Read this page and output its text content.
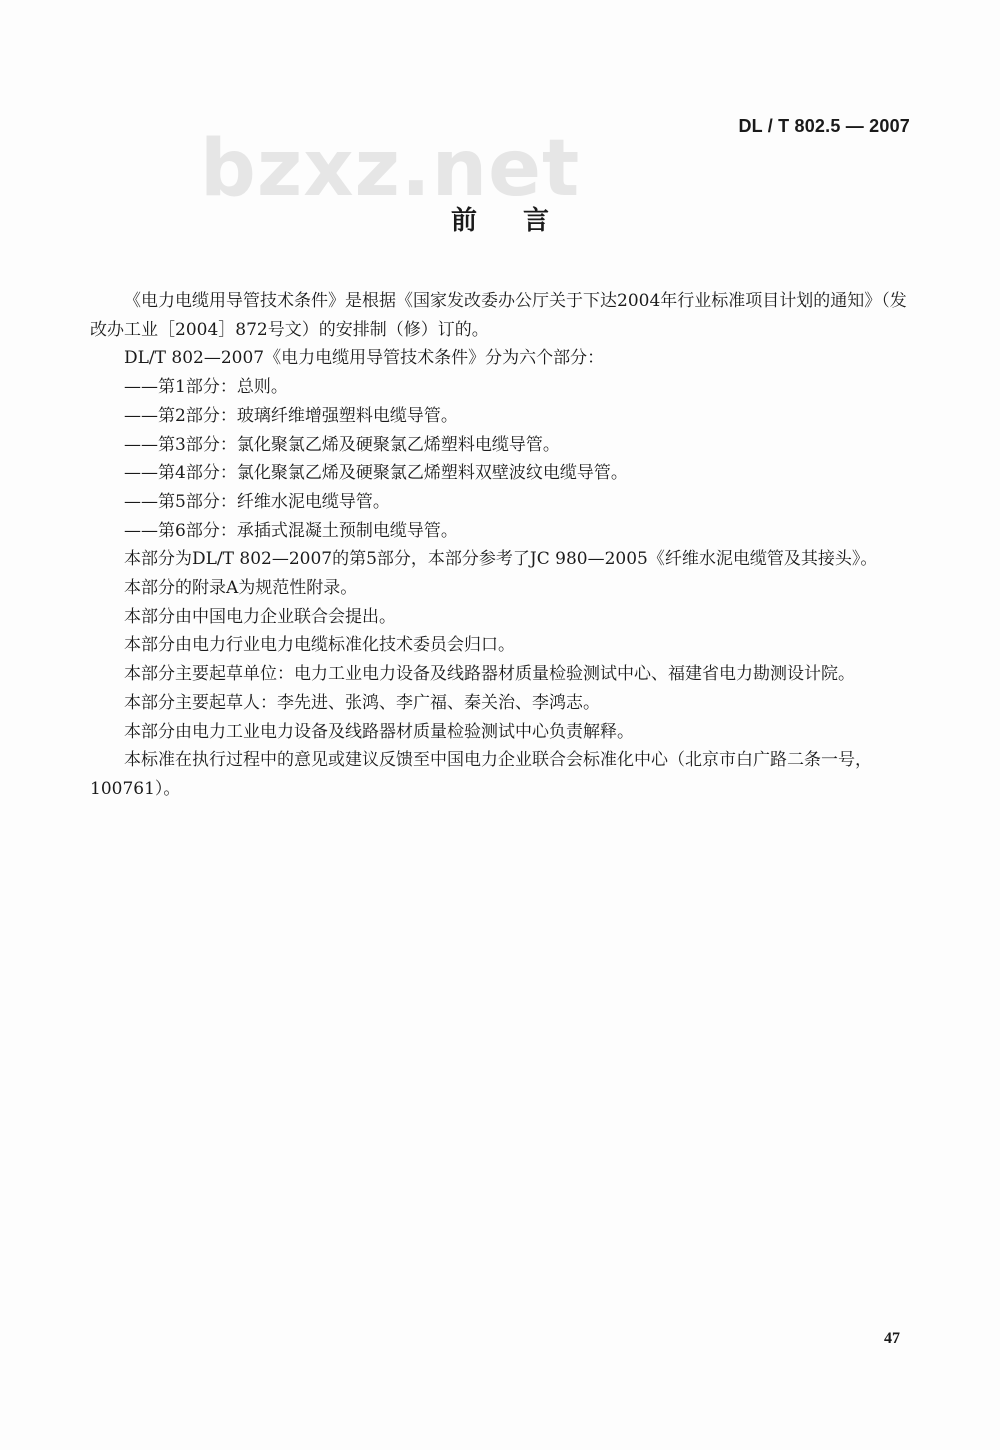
DL / T 802.5 — 2007
bzxz.net
前言

《电力电缆用导管技术条件》是根据《国家发改委办公厅关于下达2004年行业标准项目计划的通知》（发改办工业［2004］872号文）的安排制（修）订的。

DL/T 802—2007《电力电缆用导管技术条件》分为六个部分：

——第1部分：总则。

——第2部分：玻璃纤维增强塑料电缆导管。

——第3部分：氯化聚氯乙烯及硬聚氯乙烯塑料电缆导管。

——第4部分：氯化聚氯乙烯及硬聚氯乙烯塑料双壁波纹电缆导管。

——第5部分：纤维水泥电缆导管。

——第6部分：承插式混凝土预制电缆导管。

本部分为DL/T 802—2007的第5部分，本部分参考了JC 980—2005《纤维水泥电缆管及其接头》。

本部分的附录A为规范性附录。

本部分由中国电力企业联合会提出。

本部分由电力行业电力电缆标准化技术委员会归口。

本部分主要起草单位：电力工业电力设备及线路器材质量检验测试中心、福建省电力勘测设计院。

本部分主要起草人：李先进、张鸿、李广福、秦关治、李鸿志。

本部分由电力工业电力设备及线路器材质量检验测试中心负责解释。

本标准在执行过程中的意见或建议反馈至中国电力企业联合会标准化中心（北京市白广路二条一号，100761）。

47
